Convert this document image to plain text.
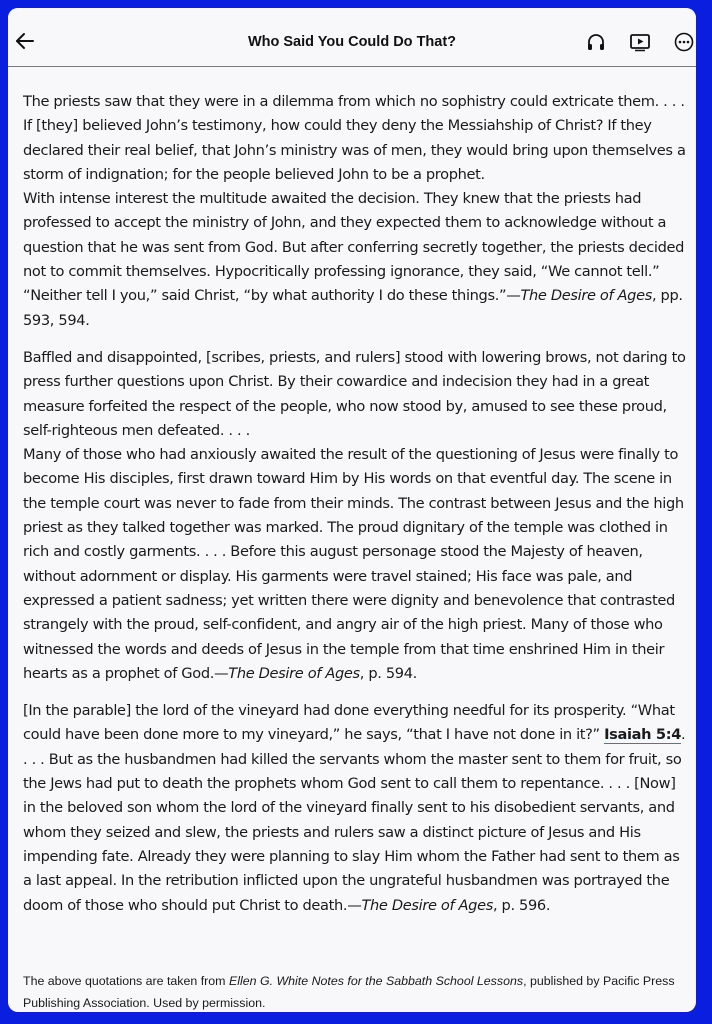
Who Said You Could Do That?

The priests saw that they were in a dilemma from which no sophistry could extricate them. . . . If [they] believed John’s testimony, how could they deny the Messiahship of Christ? If they declared their real belief, that John’s ministry was of men, they would bring upon themselves a storm of indignation; for the people believed John to be a prophet.

With intense interest the multitude awaited the decision. They knew that the priests had professed to accept the ministry of John, and they expected them to acknowledge without a question that he was sent from God. But after conferring secretly together, the priests decided not to commit themselves. Hypocritically professing ignorance, they said, “We cannot tell.” “Neither tell I you,” said Christ, “by what authority I do these things.”—The Desire of Ages, pp. 593, 594.

Baffled and disappointed, [scribes, priests, and rulers] stood with lowering brows, not daring to press further questions upon Christ. By their cowardice and indecision they had in a great measure forfeited the respect of the people, who now stood by, amused to see these proud, self-righteous men defeated. . . .

Many of those who had anxiously awaited the result of the questioning of Jesus were finally to become His disciples, first drawn toward Him by His words on that eventful day. The scene in the temple court was never to fade from their minds. The contrast between Jesus and the high priest as they talked together was marked. The proud dignitary of the temple was clothed in rich and costly garments. . . . Before this august personage stood the Majesty of heaven, without adornment or display. His garments were travel stained; His face was pale, and expressed a patient sadness; yet written there were dignity and benevolence that contrasted strangely with the proud, self-confident, and angry air of the high priest. Many of those who witnessed the words and deeds of Jesus in the temple from that time enshrined Him in their hearts as a prophet of God.—The Desire of Ages, p. 594.

[In the parable] the lord of the vineyard had done everything needful for its prosperity. “What could have been done more to my vineyard,” he says, “that I have not done in it?” Isaiah 5:4. . . . But as the husbandmen had killed the servants whom the master sent to them for fruit, so the Jews had put to death the prophets whom God sent to call them to repentance. . . . [Now] in the beloved son whom the lord of the vineyard finally sent to his disobedient servants, and whom they seized and slew, the priests and rulers saw a distinct picture of Jesus and His impending fate. Already they were planning to slay Him whom the Father had sent to them as a last appeal. In the retribution inflicted upon the ungrateful husbandmen was portrayed the doom of those who should put Christ to death.—The Desire of Ages, p. 596.

The above quotations are taken from Ellen G. White Notes for the Sabbath School Lessons, published by Pacific Press Publishing Association. Used by permission.
